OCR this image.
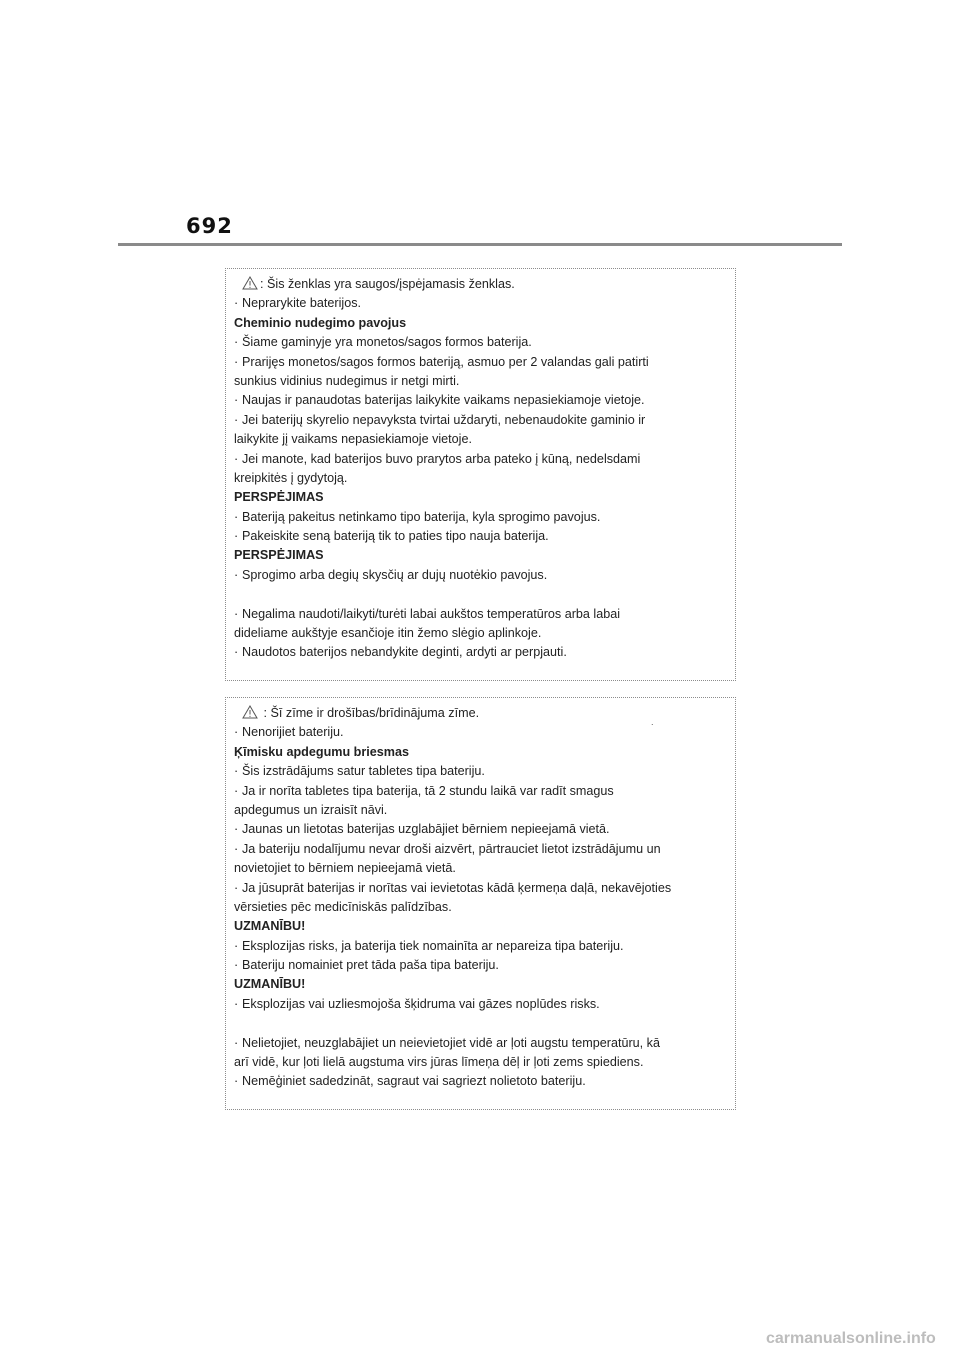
692
: Šis ženklas yra saugos/įspėjamasis ženklas.
· Neprarykite baterijos.
Cheminio nudegimo pavojus
· Šiame gaminyje yra monetos/sagos formos baterija.
· Prarijęs monetos/sagos formos bateriją, asmuo per 2 valandas gali patirti
sunkius vidinius nudegimus ir netgi mirti.
· Naujas ir panaudotas baterijas laikykite vaikams nepasiekiamoje vietoje.
· Jei baterijų skyrelio nepavyksta tvirtai uždaryti, nebenaudokite gaminio ir
laikykite jį vaikams nepasiekiamoje vietoje.
· Jei manote, kad baterijos buvo prarytos arba pateko į kūną, nedelsdami
kreipkitės į gydytoją.
PERSPĖJIMAS
· Bateriją pakeitus netinkamo tipo baterija, kyla sprogimo pavojus.
· Pakeiskite seną bateriją tik to paties tipo nauja baterija.
PERSPĖJIMAS
· Sprogimo arba degių skysčių ar dujų nuotėkio pavojus.
· Negalima naudoti/laikyti/turėti labai aukštos temperatūros arba labai
dideliame aukštyje esančioje itin žemo slėgio aplinkoje.
· Naudotos baterijos nebandykite deginti, ardyti ar perpjauti.
: Šī zīme ir drošības/brīdinājuma zīme.
· Nenorijiet bateriju.
Ķīmisku apdegumu briesmas
· Šis izstrādājums satur tabletes tipa bateriju.
· Ja ir norīta tabletes tipa baterija, tā 2 stundu laikā var radīt smagus
apdegumus un izraisīt nāvi.
· Jaunas un lietotas baterijas uzglabājiet bērniem nepieejamā vietā.
· Ja bateriju nodalījumu nevar droši aizvērt, pārtrauciet lietot izstrādājumu un
novietojiet to bērniem nepieejamā vietā.
· Ja jūsuprāt baterijas ir norītas vai ievietotas kādā ķermeņa daļā, nekavējoties
vērsieties pēc medicīniskās palīdzības.
UZMANĪBU!
· Eksplozijas risks, ja baterija tiek nomainīta ar nepareiza tipa bateriju.
· Bateriju nomainiet pret tāda paša tipa bateriju.
UZMANĪBU!
· Eksplozijas vai uzliesmojoša šķidruma vai gāzes noplūdes risks.
· Nelietojiet, neuzglabājiet un neievietojiet vidē ar ļoti augstu temperatūru, kā
arī vidē, kur ļoti lielā augstuma virs jūras līmeņa dēļ ir ļoti zems spiediens.
· Nemēģiniet sadedzināt, sagraut vai sagriezt nolietoto bateriju.
.
carmanualsonline.info
